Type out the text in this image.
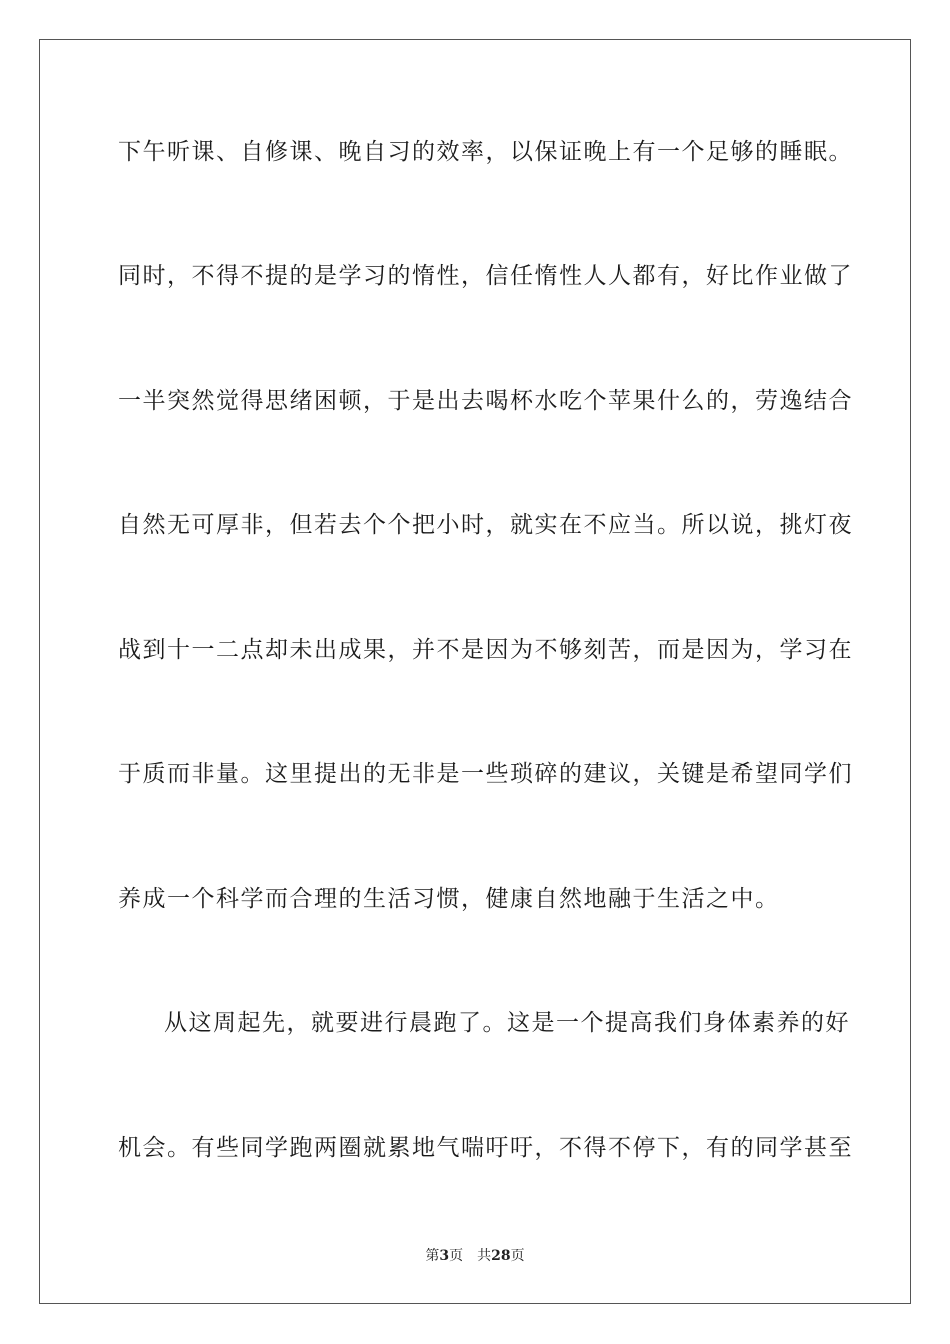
下午听课、自修课、晚自习的效率，以保证晚上有一个足够的睡眠。

同时，不得不提的是学习的惰性，信任惰性人人都有，好比作业做了

一半突然觉得思绪困顿，于是出去喝杯水吃个苹果什么的，劳逸结合

自然无可厚非，但若去个个把小时，就实在不应当。所以说，挑灯夜

战到十一二点却未出成果，并不是因为不够刻苦，而是因为，学习在

于质而非量。这里提出的无非是一些琐碎的建议，关键是希望同学们

养成一个科学而合理的生活习惯，健康自然地融于生活之中。

从这周起先，就要进行晨跑了。这是一个提高我们身体素养的好

机会。有些同学跑两圈就累地气喘吁吁，不得不停下，有的同学甚至

第3页 共28页
